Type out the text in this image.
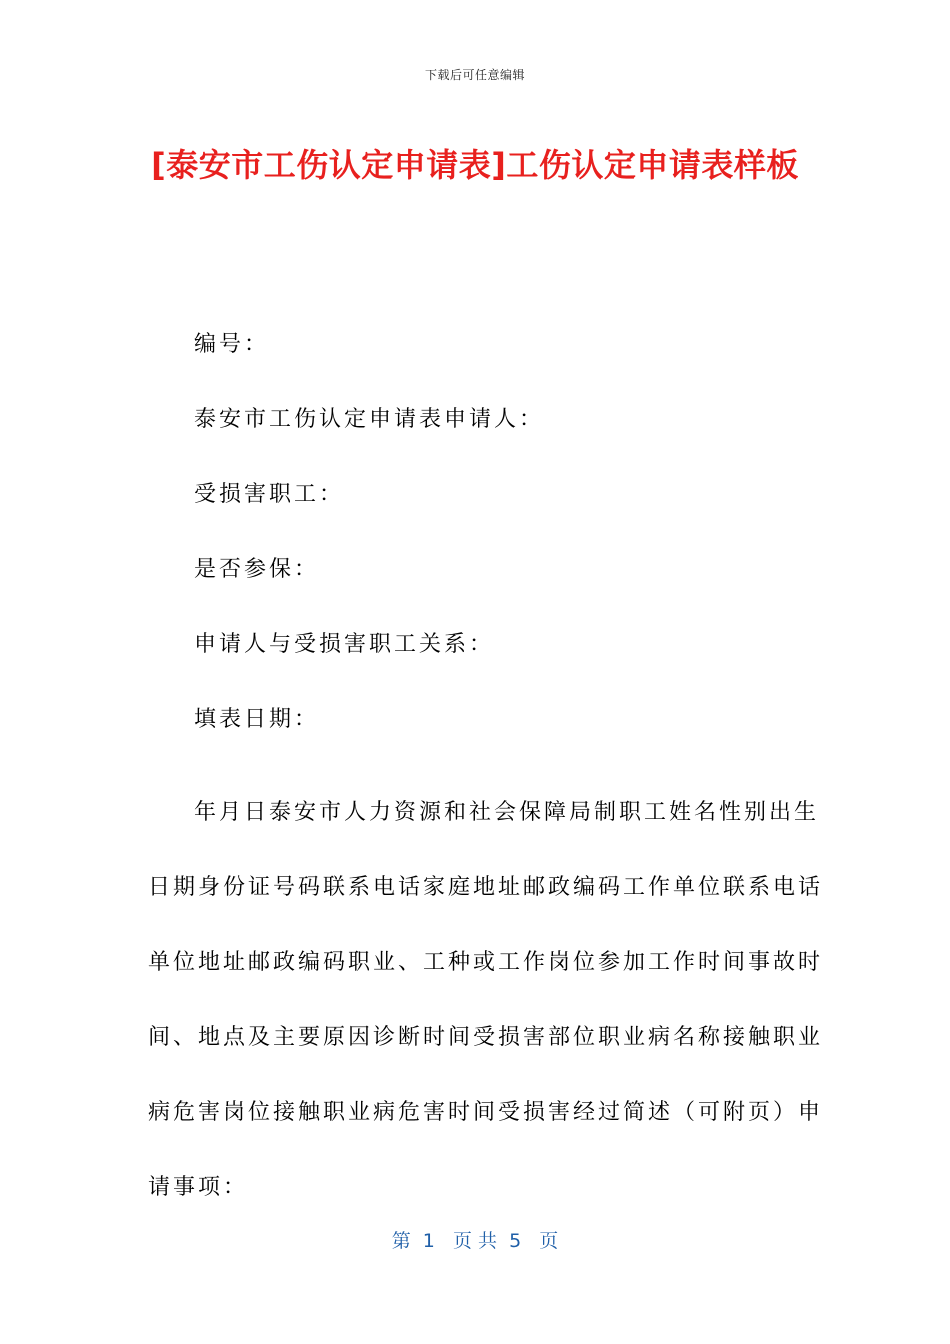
下载后可任意编辑
[泰安市工伤认定申请表]工伤认定申请表样板
编号：
泰安市工伤认定申请表申请人：
受损害职工：
是否参保：
申请人与受损害职工关系：
填表日期：
年月日泰安市人力资源和社会保障局制职工姓名性别出生
日期身份证号码联系电话家庭地址邮政编码工作单位联系电话
单位地址邮政编码职业、工种或工作岗位参加工作时间事故时
间、地点及主要原因诊断时间受损害部位职业病名称接触职业
病危害岗位接触职业病危害时间受损害经过简述（可附页）申
请事项：
第  1   页 共  5   页
